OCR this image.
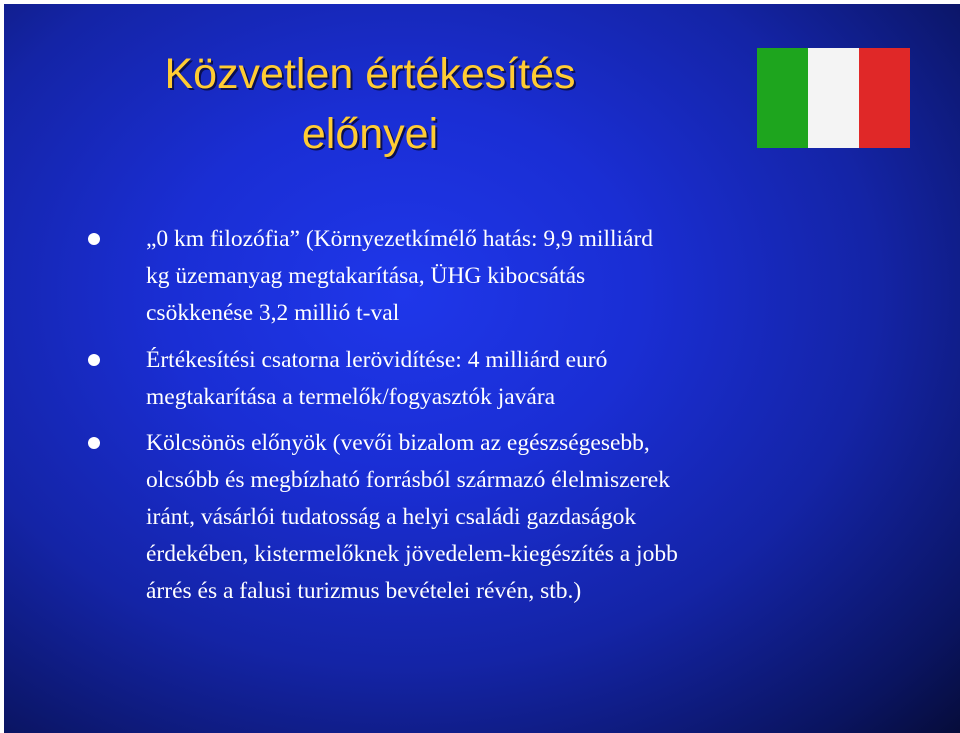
Közvetlen értékesítés
előnyei
„0 km filozófia” (Környezetkímélő hatás: 9,9 milliárd
kg üzemanyag megtakarítása, ÜHG kibocsátás
csökkenése 3,2 millió t-val
Értékesítési csatorna lerövidítése: 4 milliárd euró
megtakarítása a termelők/fogyasztók javára
Kölcsönös előnyök (vevői bizalom az egészségesebb,
olcsóbb és megbízható forrásból származó élelmiszerek
iránt, vásárlói tudatosság a helyi családi gazdaságok
érdekében, kistermelőknek jövedelem-kiegészítés a jobb
árrés és a falusi turizmus bevételei révén, stb.)
